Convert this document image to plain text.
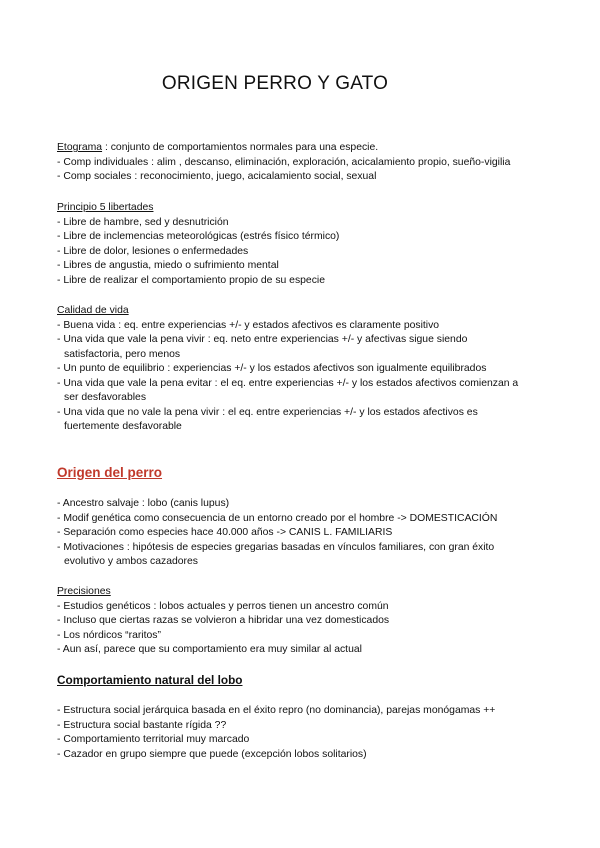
ORIGEN PERRO Y GATO
Etograma : conjunto de comportamientos normales para una especie.
- Comp individuales : alim , descanso, eliminación, exploración, acicalamiento propio, sueño-vigilia
- Comp sociales : reconocimiento, juego, acicalamiento social, sexual
Principio 5 libertades
- Libre de hambre, sed y desnutrición
- Libre de inclemencias meteorológicas (estrés físico térmico)
- Libre de dolor, lesiones o enfermedades
- Libres de angustia, miedo o sufrimiento mental
- Libre de realizar el comportamiento propio de su especie
Calidad de vida
- Buena vida : eq. entre experiencias +/- y estados afectivos es claramente positivo
- Una vida que vale la pena vivir : eq. neto entre experiencias +/- y afectivas sigue siendo
satisfactoria, pero menos
- Un punto de equilibrio : experiencias +/- y los estados afectivos son igualmente equilibrados
- Una vida que vale la pena evitar : el eq. entre experiencias +/- y los estados afectivos comienzan a
ser desfavorables
- Una vida que no vale la pena vivir : el eq. entre experiencias +/- y los estados afectivos es
fuertemente desfavorable
Origen del perro
- Ancestro salvaje : lobo (canis lupus)
- Modif genética como consecuencia de un entorno creado por el hombre -> DOMESTICACIÓN
- Separación como especies hace 40.000 años -> CANIS L. FAMILIARIS
- Motivaciones : hipótesis de especies gregarias basadas en vínculos familiares, con gran éxito
evolutivo y ambos cazadores
Precisiones
- Estudios genéticos : lobos actuales y perros tienen un ancestro común
- Incluso que ciertas razas se volvieron a hibridar una vez domesticados
- Los nórdicos “raritos”
- Aun así, parece que su comportamiento era muy similar al actual
Comportamiento natural del lobo
- Estructura social jerárquica basada en el éxito repro (no dominancia), parejas monógamas ++
- Estructura social bastante rígida ??
- Comportamiento territorial muy marcado
- Cazador en grupo siempre que puede (excepción lobos solitarios)
